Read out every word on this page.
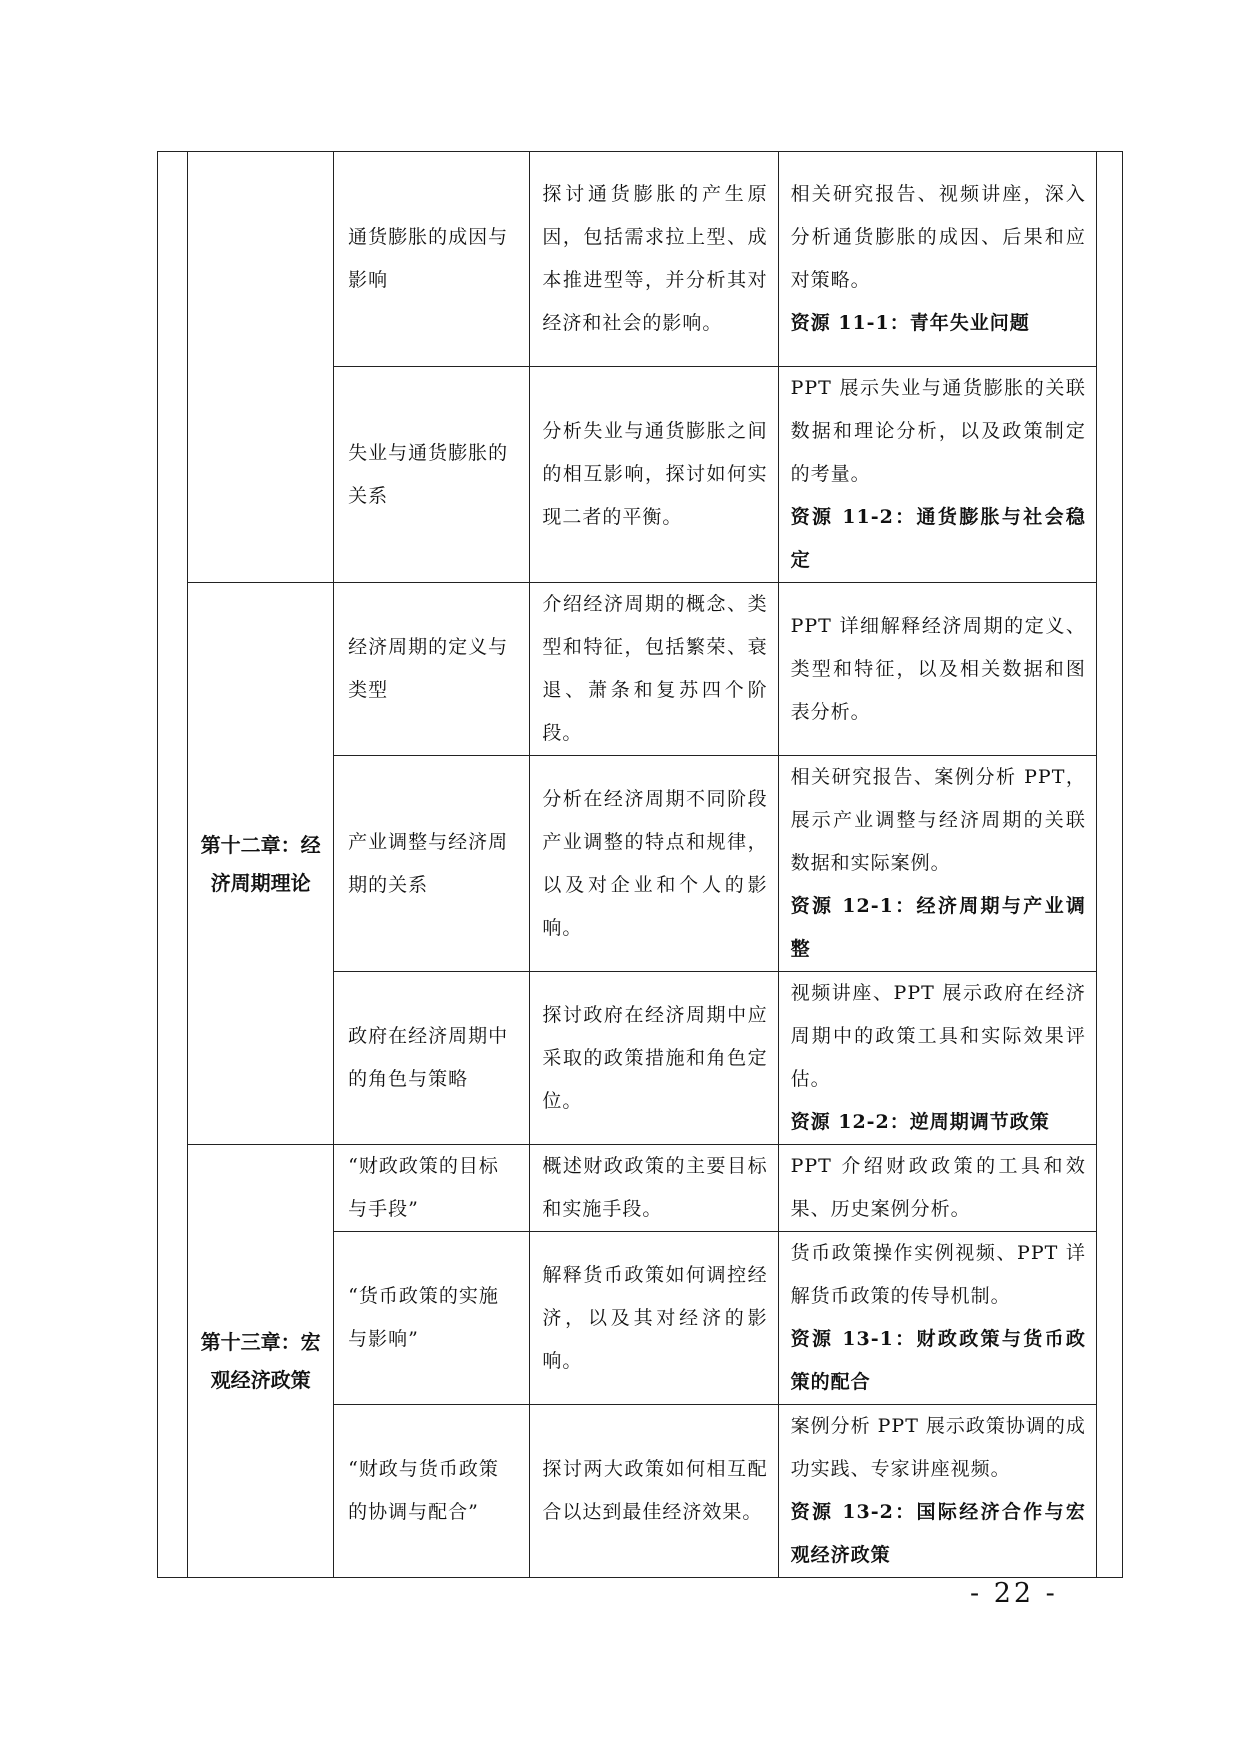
		通货膨胀的成因与影响	探讨通货膨胀的产生原因，包括需求拉上型、成本推进型等，并分析其对经济和社会的影响。	相关研究报告、视频讲座，深入分析通货膨胀的成因、后果和应对策略。
资源 11-1：青年失业问题	

		失业与通货膨胀的关系	分析失业与通货膨胀之间的相互影响，探讨如何实现二者的平衡。	PPT 展示失业与通货膨胀的关联数据和理论分析，以及政策制定的考量。
资源 11-2：通货膨胀与社会稳定	

	第十二章：经济周期理论	经济周期的定义与类型	介绍经济周期的概念、类型和特征，包括繁荣、衰退、萧条和复苏四个阶段。	PPT 详细解释经济周期的定义、类型和特征，以及相关数据和图表分析。	

		产业调整与经济周期的关系	分析在经济周期不同阶段产业调整的特点和规律，以及对企业和个人的影响。	相关研究报告、案例分析 PPT，展示产业调整与经济周期的关联数据和实际案例。
资源 12-1：经济周期与产业调整	

		政府在经济周期中的角色与策略	探讨政府在经济周期中应采取的政策措施和角色定位。	视频讲座、PPT 展示政府在经济周期中的政策工具和实际效果评估。
资源 12-2：逆周期调节政策	

	第十三章：宏观经济政策	“财政政策的目标与手段”	概述财政政策的主要目标和实施手段。	PPT 介绍财政政策的工具和效果、历史案例分析。	

		“货币政策的实施与影响”	解释货币政策如何调控经济，以及其对经济的影响。	货币政策操作实例视频、PPT 详解货币政策的传导机制。
资源 13-1：财政政策与货币政策的配合	

		“财政与货币政策的协调与配合”	探讨两大政策如何相互配合以达到最佳经济效果。	案例分析 PPT 展示政策协调的成功实践、专家讲座视频。
资源 13-2：国际经济合作与宏观经济政策	
- 22 -
